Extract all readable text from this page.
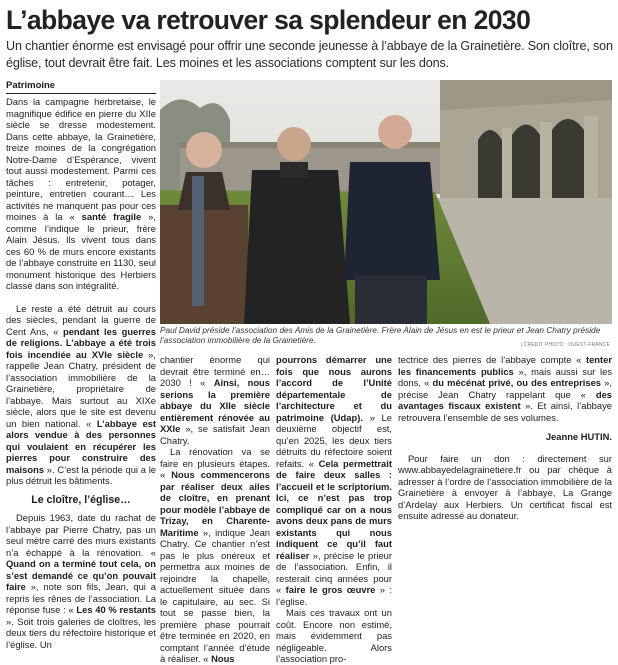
L’abbaye va retrouver sa splendeur en 2030
Un chantier énorme est envisagé pour offrir une seconde jeunesse à l’abbaye de la Grainetière. Son cloître, son église, tout devrait être fait. Les moines et les associations comptent sur les dons.
Patrimoine

Dans la campagne herbretaise, le magnifique édifice en pierre du XIIe siècle se dresse modestement. Dans cette abbaye, la Grainetière, treize moines de la congrégation Notre-Dame d’Espérance, vivent tout aussi modestement. Parmi ces tâches : entretenir, potager, peinture, entretien courant… Les activités ne manquent pas pour ces moines à la « santé fragile », comme l’indique le prieur, frère Alain Jésus. Ils vivent tous dans ces 60 % de murs encore existants de l’abbaye construite en 1130, seul monument historique des Herbiers classé dans son intégralité.

Le reste a été détruit au cours des siècles, pendant la guerre de Cent Ans, « pendant les guerres de religions. L’abbaye a été trois fois incendiée au XVIe siècle », rappelle Jean Chatry, président de l’association immobilière de la Grainetière, propriétaire de l’abbaye. Mais surtout au XIXe siècle, alors que le site est devenu un bien national. « L’abbaye est alors vendue à des personnes qui voulaient en récupérer les pierres pour construire des maisons ». C’est la période qui a le plus détruit les bâtiments.

Le cloître, l’église…

Depuis 1963, date du rachat de l’abbaye par Pierre Chatry, pas un seul mètre carré des murs existants n’a échappé à la rénovation. « Quand on a terminé tout cela, on s’est demandé ce qu’on pouvait faire », note son fils, Jean, qui a repris les rênes de l’association. La réponse fuse : « Les 40 % restants ». Soit trois galeries de cloîtres, les deux tiers du réfectoire historique et l’église. Un

Paul David préside l’association des Amis de la Grainetière. Frère Alain de Jésus en est le prieur et Jean Chatry préside l’association immobilière de la Grainetière.	| CRÉDIT PHOTO : OUEST-FRANCE

chantier énorme qui devrait être terminé en… 2030 ! « Ainsi, nous serions la première abbaye du XIIe siècle entièrement rénovée au XXIe », se satisfait Jean Chatry.

La rénovation va se faire en plusieurs étapes. « Nous commencerons par réaliser deux ailes de cloître, en prenant pour modèle l’abbaye de Trizay, en Charente-Maritime », indique Jean Chatry. Ce chantier n’est pas le plus onéreux et permettra aux moines de rejoindre la chapelle, actuellement située dans le capitulaire, au sec. Si tout se passe bien, la première phase pourrait être terminée en 2020, en comptant l’année d’étude à réaliser. « Nous

pourrons démarrer une fois que nous aurons l’accord de l’Unité départementale de l’architecture et du patrimoine (Udap). » Le deuxième objectif est, qu’en 2025, les deux tiers détruits du réfectoire soient refaits. « Cela permettrait de faire deux salles : l’accueil et le scriptorium. Ici, ce n’est pas trop compliqué car on a nous avons deux pans de murs existants qui nous indiquent ce qu’il faut réaliser », précise le prieur de l’association. Enfin, il resterait cinq années pour « faire le gros œuvre » : l’église.

Mais ces travaux ont un coût. Encore non estimé, mais évidemment pas négligeable. Alors l’association pro-

tectrice des pierres de l’abbaye compte « tenter les financements publics », mais aussi sur les dons, « du mécénat privé, ou des entreprises », précise Jean Chatry rappelant que « des avantages fiscaux existent ». Et ainsi, l’abbaye retrouvera l’ensemble de ses volumes.

Jeanne HUTIN.

Pour faire un don : directement sur www.abbayedelagrainetiere.fr ou par chèque à adresser à l’ordre de l’association immobilière de la Grainetière à envoyer à l’abbaye, La Grange d’Ardelay aux Herbiers. Un certificat fiscal est ensuite adressé au donateur.
